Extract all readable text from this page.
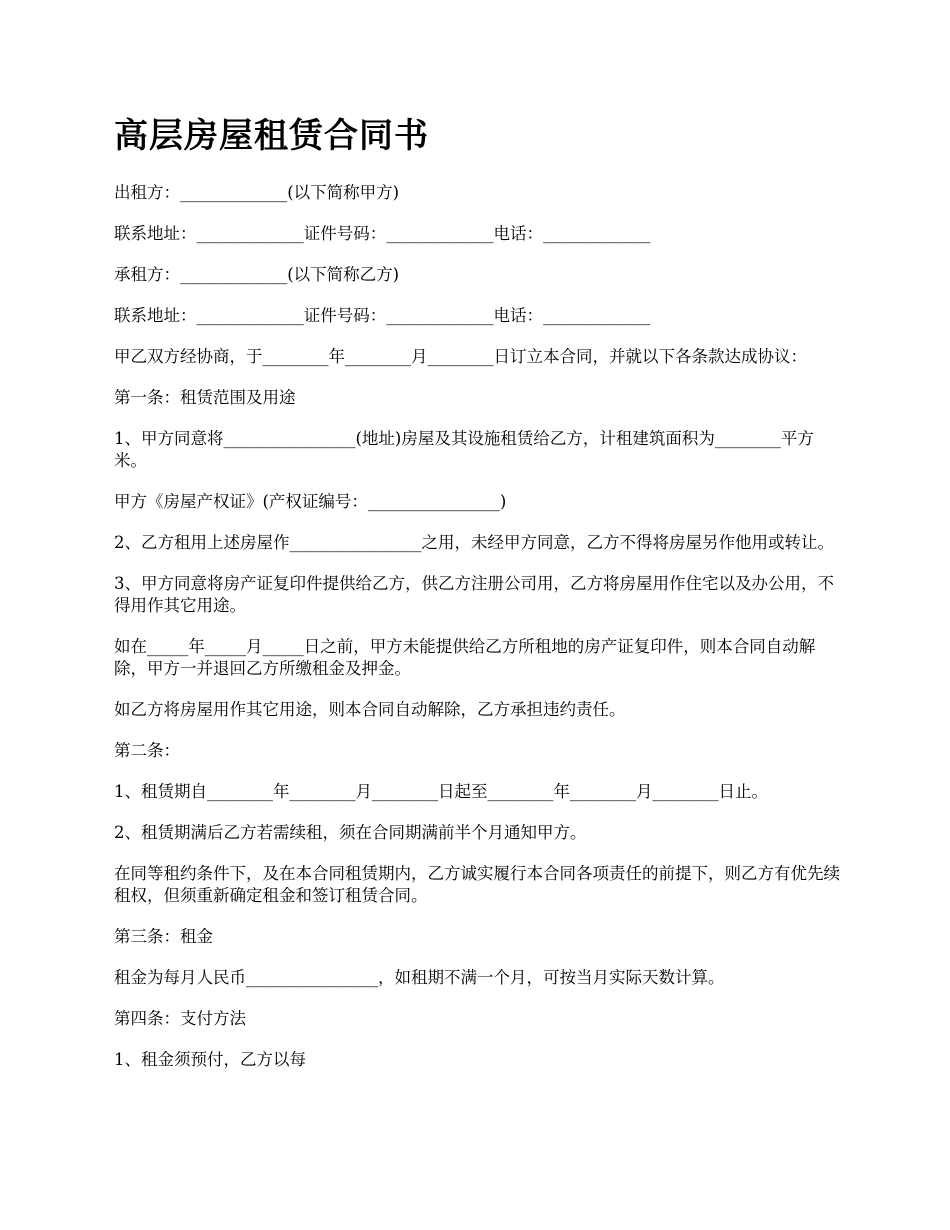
高层房屋租赁合同书

出租方：_____________(以下简称甲方)

联系地址：_____________证件号码：_____________电话：_____________

承租方：_____________(以下简称乙方)

联系地址：_____________证件号码：_____________电话：_____________

甲乙双方经协商，于________年________月________日订立本合同，并就以下各条款达成协议：

第一条：租赁范围及用途

1、甲方同意将________________(地址)房屋及其设施租赁给乙方，计租建筑面积为________平方米。

甲方《房屋产权证》(产权证编号：________________)

2、乙方租用上述房屋作________________之用，未经甲方同意，乙方不得将房屋另作他用或转让。

3、甲方同意将房产证复印件提供给乙方，供乙方注册公司用，乙方将房屋用作住宅以及办公用，不得用作其它用途。

如在_____年_____月_____日之前，甲方未能提供给乙方所租地的房产证复印件，则本合同自动解除，甲方一并退回乙方所缴租金及押金。

如乙方将房屋用作其它用途，则本合同自动解除，乙方承担违约责任。

第二条：

1、租赁期自________年________月________日起至________年________月________日止。

2、租赁期满后乙方若需续租，须在合同期满前半个月通知甲方。

在同等租约条件下，及在本合同租赁期内，乙方诚实履行本合同各项责任的前提下，则乙方有优先续租权，但须重新确定租金和签订租赁合同。

第三条：租金

租金为每月人民币________________，如租期不满一个月，可按当月实际天数计算。

第四条：支付方法

1、租金须预付，乙方以每
